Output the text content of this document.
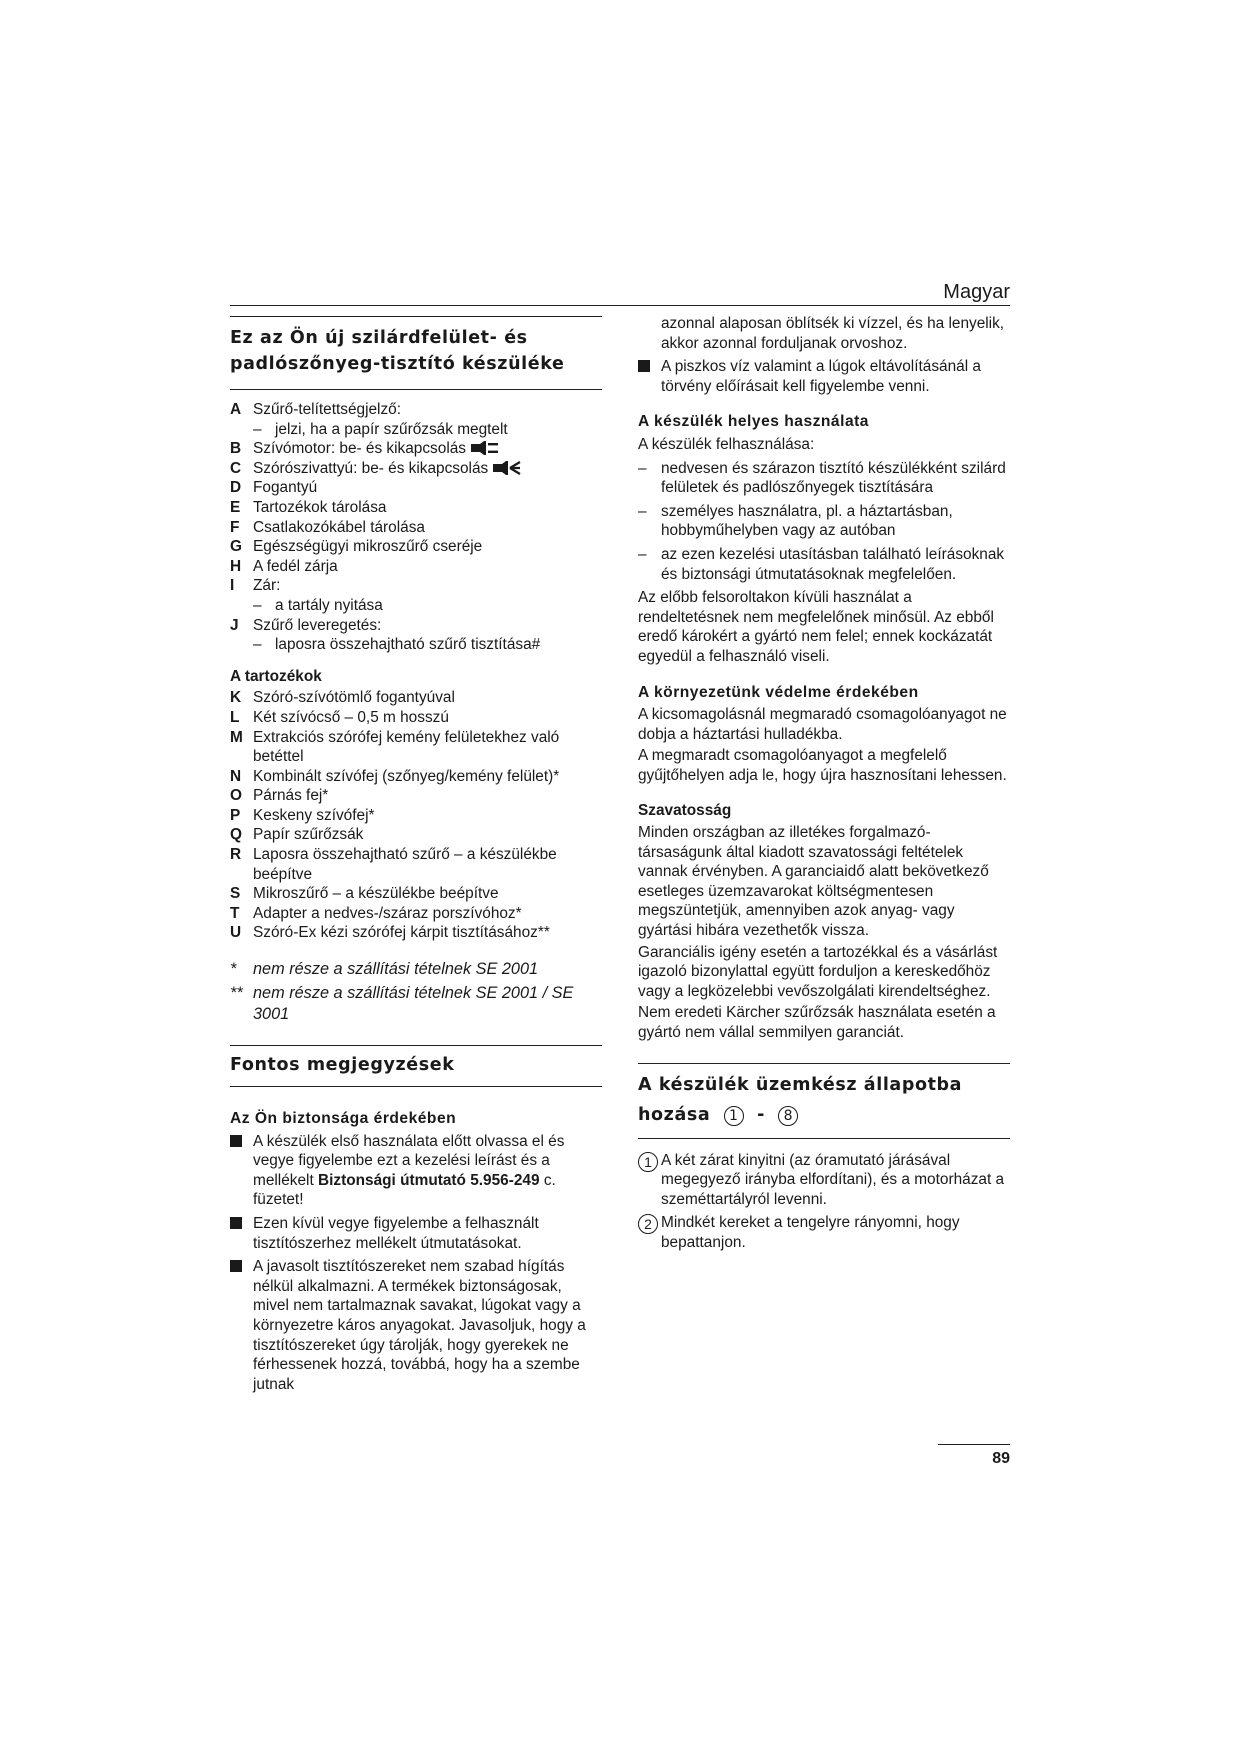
Magyar
Ez az Ön új szilárdfelület- és
padlószőnyeg-tisztító készüléke
A Szűrő-telítettségjelző:
– jelzi, ha a papír szűrőzsák megtelt
B Szívómotor: be- és kikapcsolás
C Szórószivattyú: be- és kikapcsolás
D Fogantyú
E Tartozékok tárolása
F Csatlakozókábel tárolása
G Egészségügyi mikroszűrő cseréje
H A fedél zárja
I	Zár:
– a tartály nyitása
J Szűrő leveregetés:
– laposra összehajtható szűrő tisztítása#
A tartozékok
K Szóró-szívótömlő fogantyúval
L Két szívócső – 0,5 m hosszú
M Extrakciós szórófej kemény felületekhez való betéttel
N Kombinált szívófej (szőnyeg/kemény felület)*
O Párnás fej*
P Keskeny szívófej*
Q Papír szűrőzsák
R Laposra összehajtható szűrő – a készülékbe beépítve
S Mikroszűrő – a készülékbe beépítve
T Adapter a nedves-/száraz porszívóhoz*
U Szóró-Ex kézi szórófej kárpit tisztításához**
*	nem része a szállítási tételnek SE 2001
** nem része a szállítási tételnek SE 2001 / SE 3001
Fontos megjegyzések
Az Ön biztonsága érdekében
A készülék első használata előtt olvassa el és vegye figyelembe ezt a kezelési leírást és a mellékelt Biztonsági útmutató 5.956-249 c. füzetet!
Ezen kívül vegye figyelembe a felhasznált tisztítószerhez mellékelt útmutatásokat.
A javasolt tisztítószereket nem szabad hígítás nélkül alkalmazni. A termékek biztonságosak, mivel nem tartalmaznak savakat, lúgokat vagy a környezetre káros anyagokat. Javasoljuk, hogy a tisztítószereket úgy tárolják, hogy gyerekek ne férhessenek hozzá, továbbá, hogy ha a szembe jutnak
azonnal alaposan öblítsék ki vízzel, és ha lenyelik, akkor azonnal forduljanak orvoshoz.
A piszkos víz valamint a lúgok eltávolításánál a törvény előírásait kell figyelembe venni.
A készülék helyes használata
A készülék felhasználása:
– nedvesen és szárazon tisztító készülékként szilárd felületek és padlószőnyegek tisztítására
– személyes használatra, pl. a háztartásban, hobbyműhelyben vagy az autóban
– az ezen kezelési utasításban található leírásoknak és biztonsági útmutatásoknak megfelelően.
Az előbb felsoroltakon kívüli használat a rendeltetésnek nem megfelelőnek minősül. Az ebből eredő károkért a gyártó nem felel; ennek kockázatát egyedül a felhasználó viseli.
A környezetünk védelme érdekében
A kicsomagolásnál megmaradó csomagolóanyagot ne dobja a háztartási hulladékba.
A megmaradt csomagolóanyagot a megfelelő gyűjtőhelyen adja le, hogy újra hasznosítani lehessen.
Szavatosság
Minden országban az illetékes forgalmazó-társaságunk által kiadott szavatossági feltételek vannak érvényben. A garanciaidő alatt bekövetkező esetleges üzemzavarokat költségmentesen megszüntetjük, amennyiben azok anyag- vagy gyártási hibára vezethetők vissza.
Garanciális igény esetén a tartozékkal és a vásárlást igazoló bizonylattal együtt forduljon a kereskedőhöz vagy a legközelebbi vevőszolgálati kirendeltséghez.
Nem eredeti Kärcher szűrőzsák használata esetén a gyártó nem vállal semmilyen garanciát.
A készülék üzemkész állapotba
hozása 1 - 8
1 A két zárat kinyitni (az óramutató járásával megegyező irányba elfordítani), és a motorházat a szeméttartályról levenni.
2 Mindkét kereket a tengelyre rányomni, hogy bepattanjon.
89
